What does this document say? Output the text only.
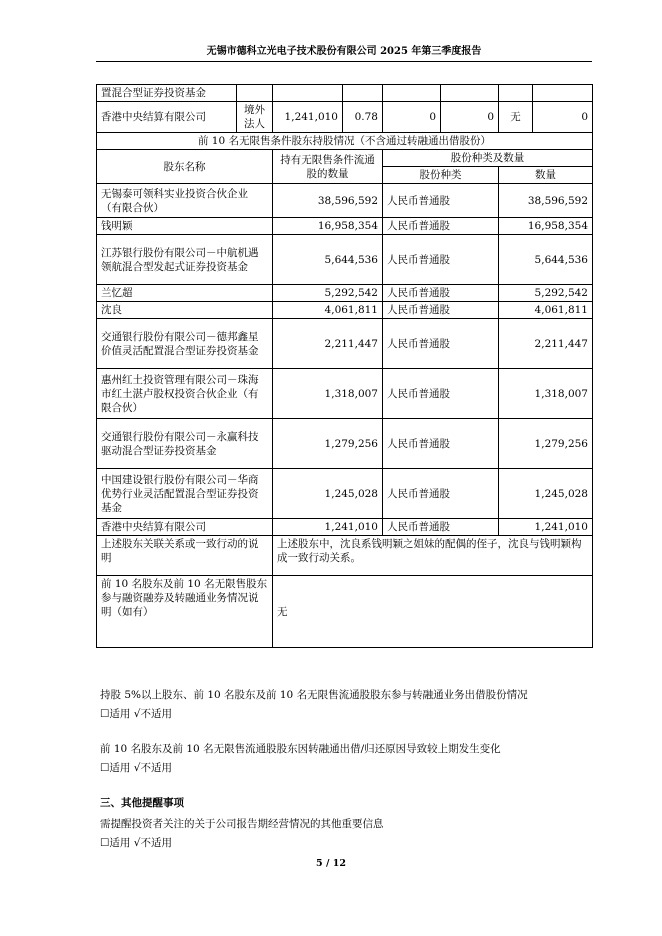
无锡市德科立光电子技术股份有限公司 2025 年第三季度报告
置混合型证券投资基金							
香港中央结算有限公司	境外法人	1,241,010	0.78	0	0	无	0
前 10 名无限售条件股东持股情况（不含通过转融通出借股份）							
股东名称		持有无限售条件流通股的数量		股份种类及数量			
				股份种类		数量	
无锡泰可领科实业投资合伙企业（有限合伙）		38,596,592		人民币普通股		38,596,592	
钱明颖		16,958,354		人民币普通股		16,958,354	
江苏银行股份有限公司－中航机遇领航混合型发起式证券投资基金		5,644,536		人民币普通股		5,644,536	
兰忆超		5,292,542		人民币普通股		5,292,542	
沈良		4,061,811		人民币普通股		4,061,811	
交通银行股份有限公司－德邦鑫星价值灵活配置混合型证券投资基金		2,211,447		人民币普通股		2,211,447	
惠州红土投资管理有限公司－珠海市红土湛卢股权投资合伙企业（有限合伙）		1,318,007		人民币普通股		1,318,007	
交通银行股份有限公司－永赢科技驱动混合型证券投资基金		1,279,256		人民币普通股		1,279,256	
中国建设银行股份有限公司－华商优势行业灵活配置混合型证券投资基金		1,245,028		人民币普通股		1,245,028	
香港中央结算有限公司		1,241,010		人民币普通股		1,241,010	
上述股东关联关系或一致行动的说明		上述股东中，沈良系钱明颖之姐妹的配偶的侄子，沈良与钱明颖构成一致行动关系。					
前 10 名股东及前 10 名无限售股东参与融资融券及转融通业务情况说明（如有）		无					
持股 5%以上股东、前 10 名股东及前 10 名无限售流通股股东参与转融通业务出借股份情况
☐适用 √不适用
前 10 名股东及前 10 名无限售流通股股东因转融通出借/归还原因导致较上期发生变化
☐适用 √不适用
三、其他提醒事项
需提醒投资者关注的关于公司报告期经营情况的其他重要信息
☐适用 √不适用
5 / 12
